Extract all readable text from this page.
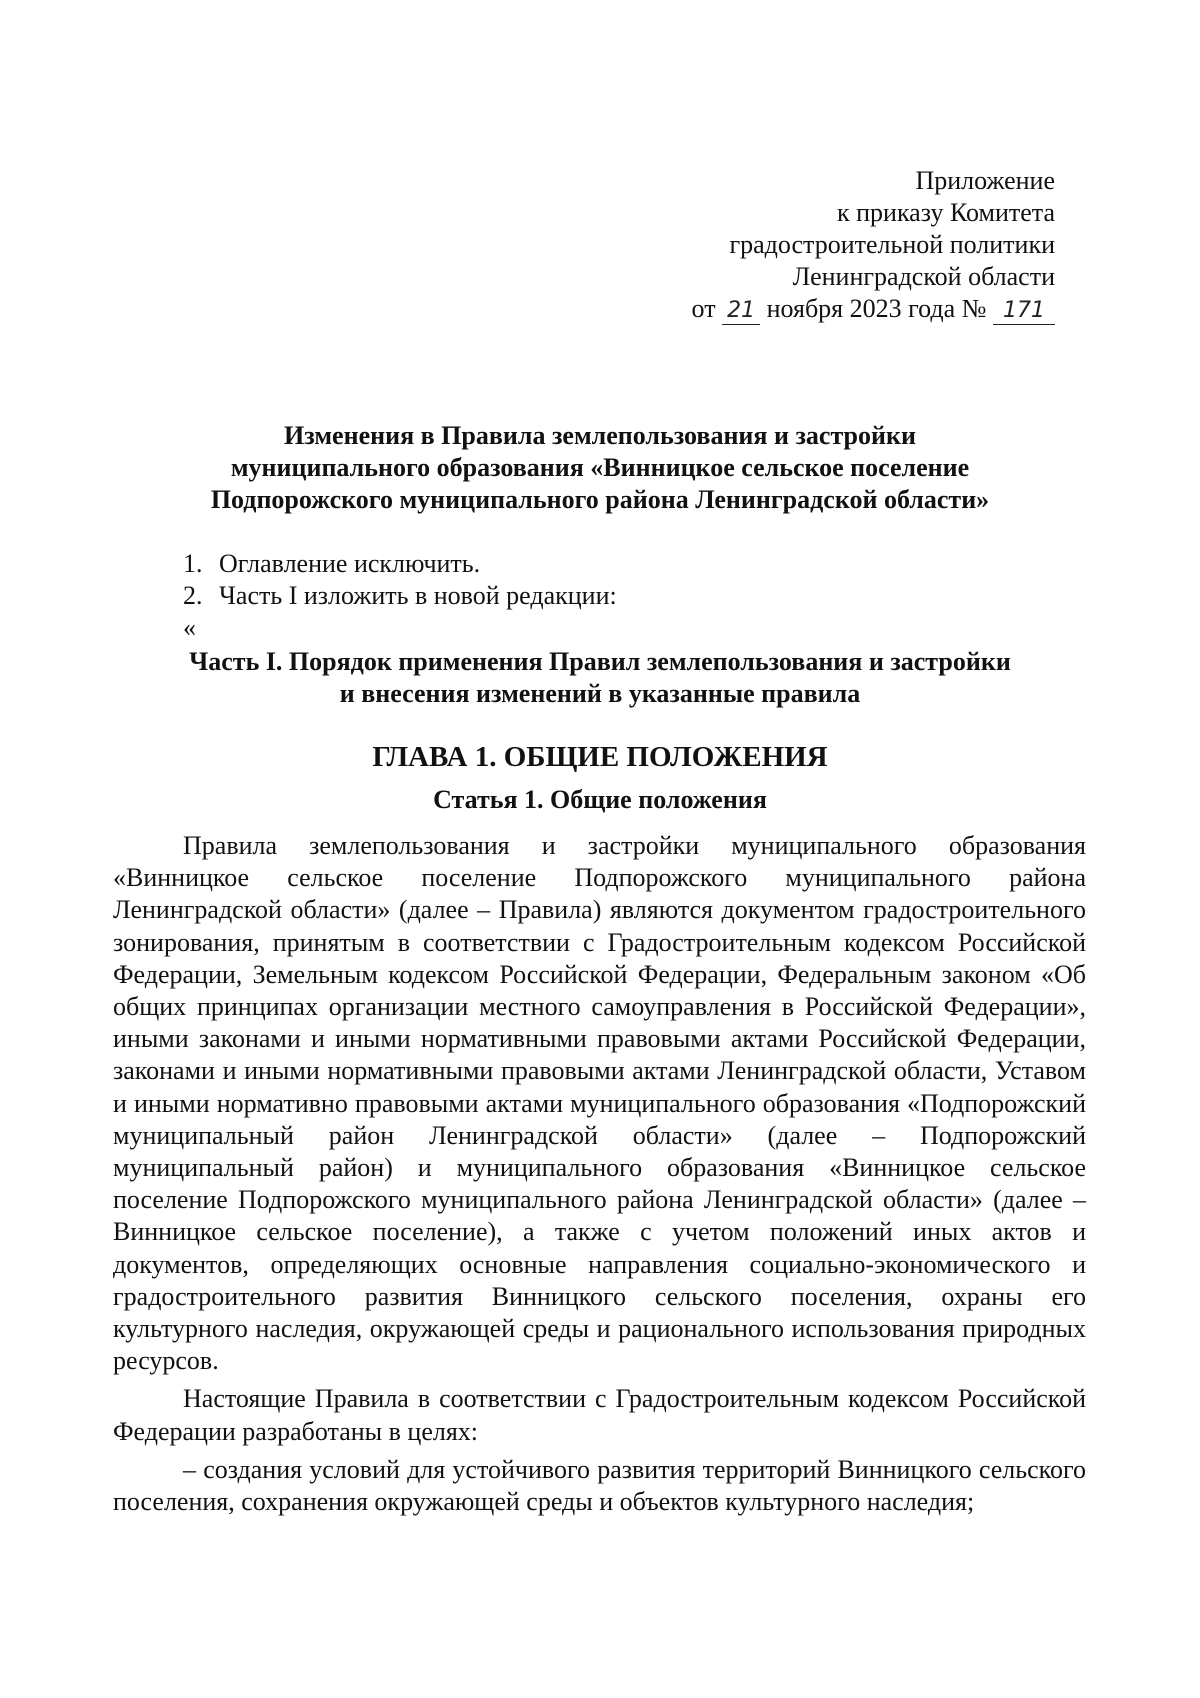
Приложение
к приказу Комитета
градостроительной политики
Ленинградской области
от 21 ноября 2023 года № 171
Изменения в Правила землепользования и застройки
муниципального образования «Винницкое сельское поселение
Подпорожского муниципального района Ленинградской области»
1. Оглавление исключить.
2. Часть I изложить в новой редакции:
«
Часть I. Порядок применения Правил землепользования и застройки
и внесения изменений в указанные правила
ГЛАВА 1. ОБЩИЕ ПОЛОЖЕНИЯ
Статья 1. Общие положения

Правила землепользования и застройки муниципального образования «Винницкое сельское поселение Подпорожского муниципального района Ленинградской области» (далее – Правила) являются документом градостроительного зонирования, принятым в соответствии с Градостроительным кодексом Российской Федерации, Земельным кодексом Российской Федерации, Федеральным законом «Об общих принципах организации местного самоуправления в Российской Федерации», иными законами и иными нормативными правовыми актами Российской Федерации, законами и иными нормативными правовыми актами Ленинградской области, Уставом и иными нормативно правовыми актами муниципального образования «Подпорожский муниципальный район Ленинградской области» (далее – Подпорожский муниципальный район) и муниципального образования «Винницкое сельское поселение Подпорожского муниципального района Ленинградской области» (далее – Винницкое сельское поселение), а также с учетом положений иных актов и документов, определяющих основные направления социально-экономического и градостроительного развития Винницкого сельского поселения, охраны его культурного наследия, окружающей среды и рационального использования природных ресурсов.

Настоящие Правила в соответствии с Градостроительным кодексом Российской Федерации разработаны в целях:

– создания условий для устойчивого развития территорий Винницкого сельского поселения, сохранения окружающей среды и объектов культурного наследия;
